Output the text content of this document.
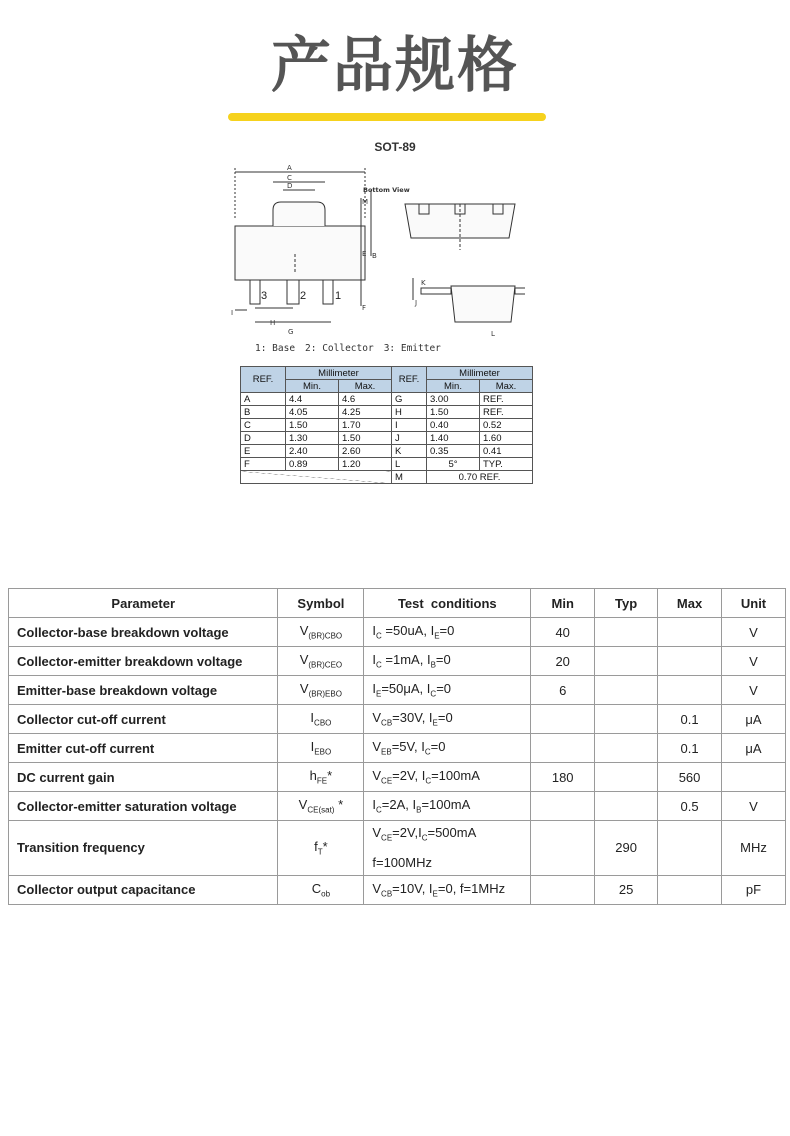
产品规格
SOT-89
A
C
D
M
E B
F
I
H
G
J
K
L
Bottom View
3	2	1
1: Base 2: Collector 3: Emitter
REF.	Millimeter		REF.	Millimeter	
	Min.	Max.		Min.	Max.
A	4.4	4.6	G	3.00	REF.
B	4.05	4.25	H	1.50	REF.
C	1.50	1.70	I	0.40	0.52
D	1.30	1.50	J	1.40	1.60
E	2.40	2.60	K	0.35	0.41
F	0.89	1.20	L	5°	TYP.
			M	0.70 REF.	
Parameter	Symbol	Test  conditions	Min	Typ	Max	Unit
Collector-base breakdown voltage	$V_{(BR)CBO}$	$I_C =50uA$, $I_E=0$	40			V
Collector-emitter breakdown voltage	$V_{(BR)CEO}$	$I_C =1mA$, $I_B=0$	20			V
Emitter-base breakdown voltage	$V_{(BR)EBO}$	$I_E=50\mu A$, $I_C=0$	6			V
Collector cut-off current	$I_{CBO}$	$V_{CB}=30V$, $I_E=0$			0.1	μA
Emitter cut-off current	$I_{EBO}$	$V_{EB}=5V$, $I_C=0$			0.1	μA
DC current gain	$h_{FE}*$	$V_{CE}=2V$, $I_C=100mA$	180		560	
Collector-emitter saturation voltage	$V_{CE(sat)}$ *	$I_C=2A$, $I_B=100mA$			0.5	V
Transition frequency	$f_T*$	$V_{CE}=2V,I_C=500mA$
f=100MHz		290		MHz
Collector output capacitance	$C_{ob}$	$V_{CB}=10V$, $I_E=0$, f=1MHz		25		pF
